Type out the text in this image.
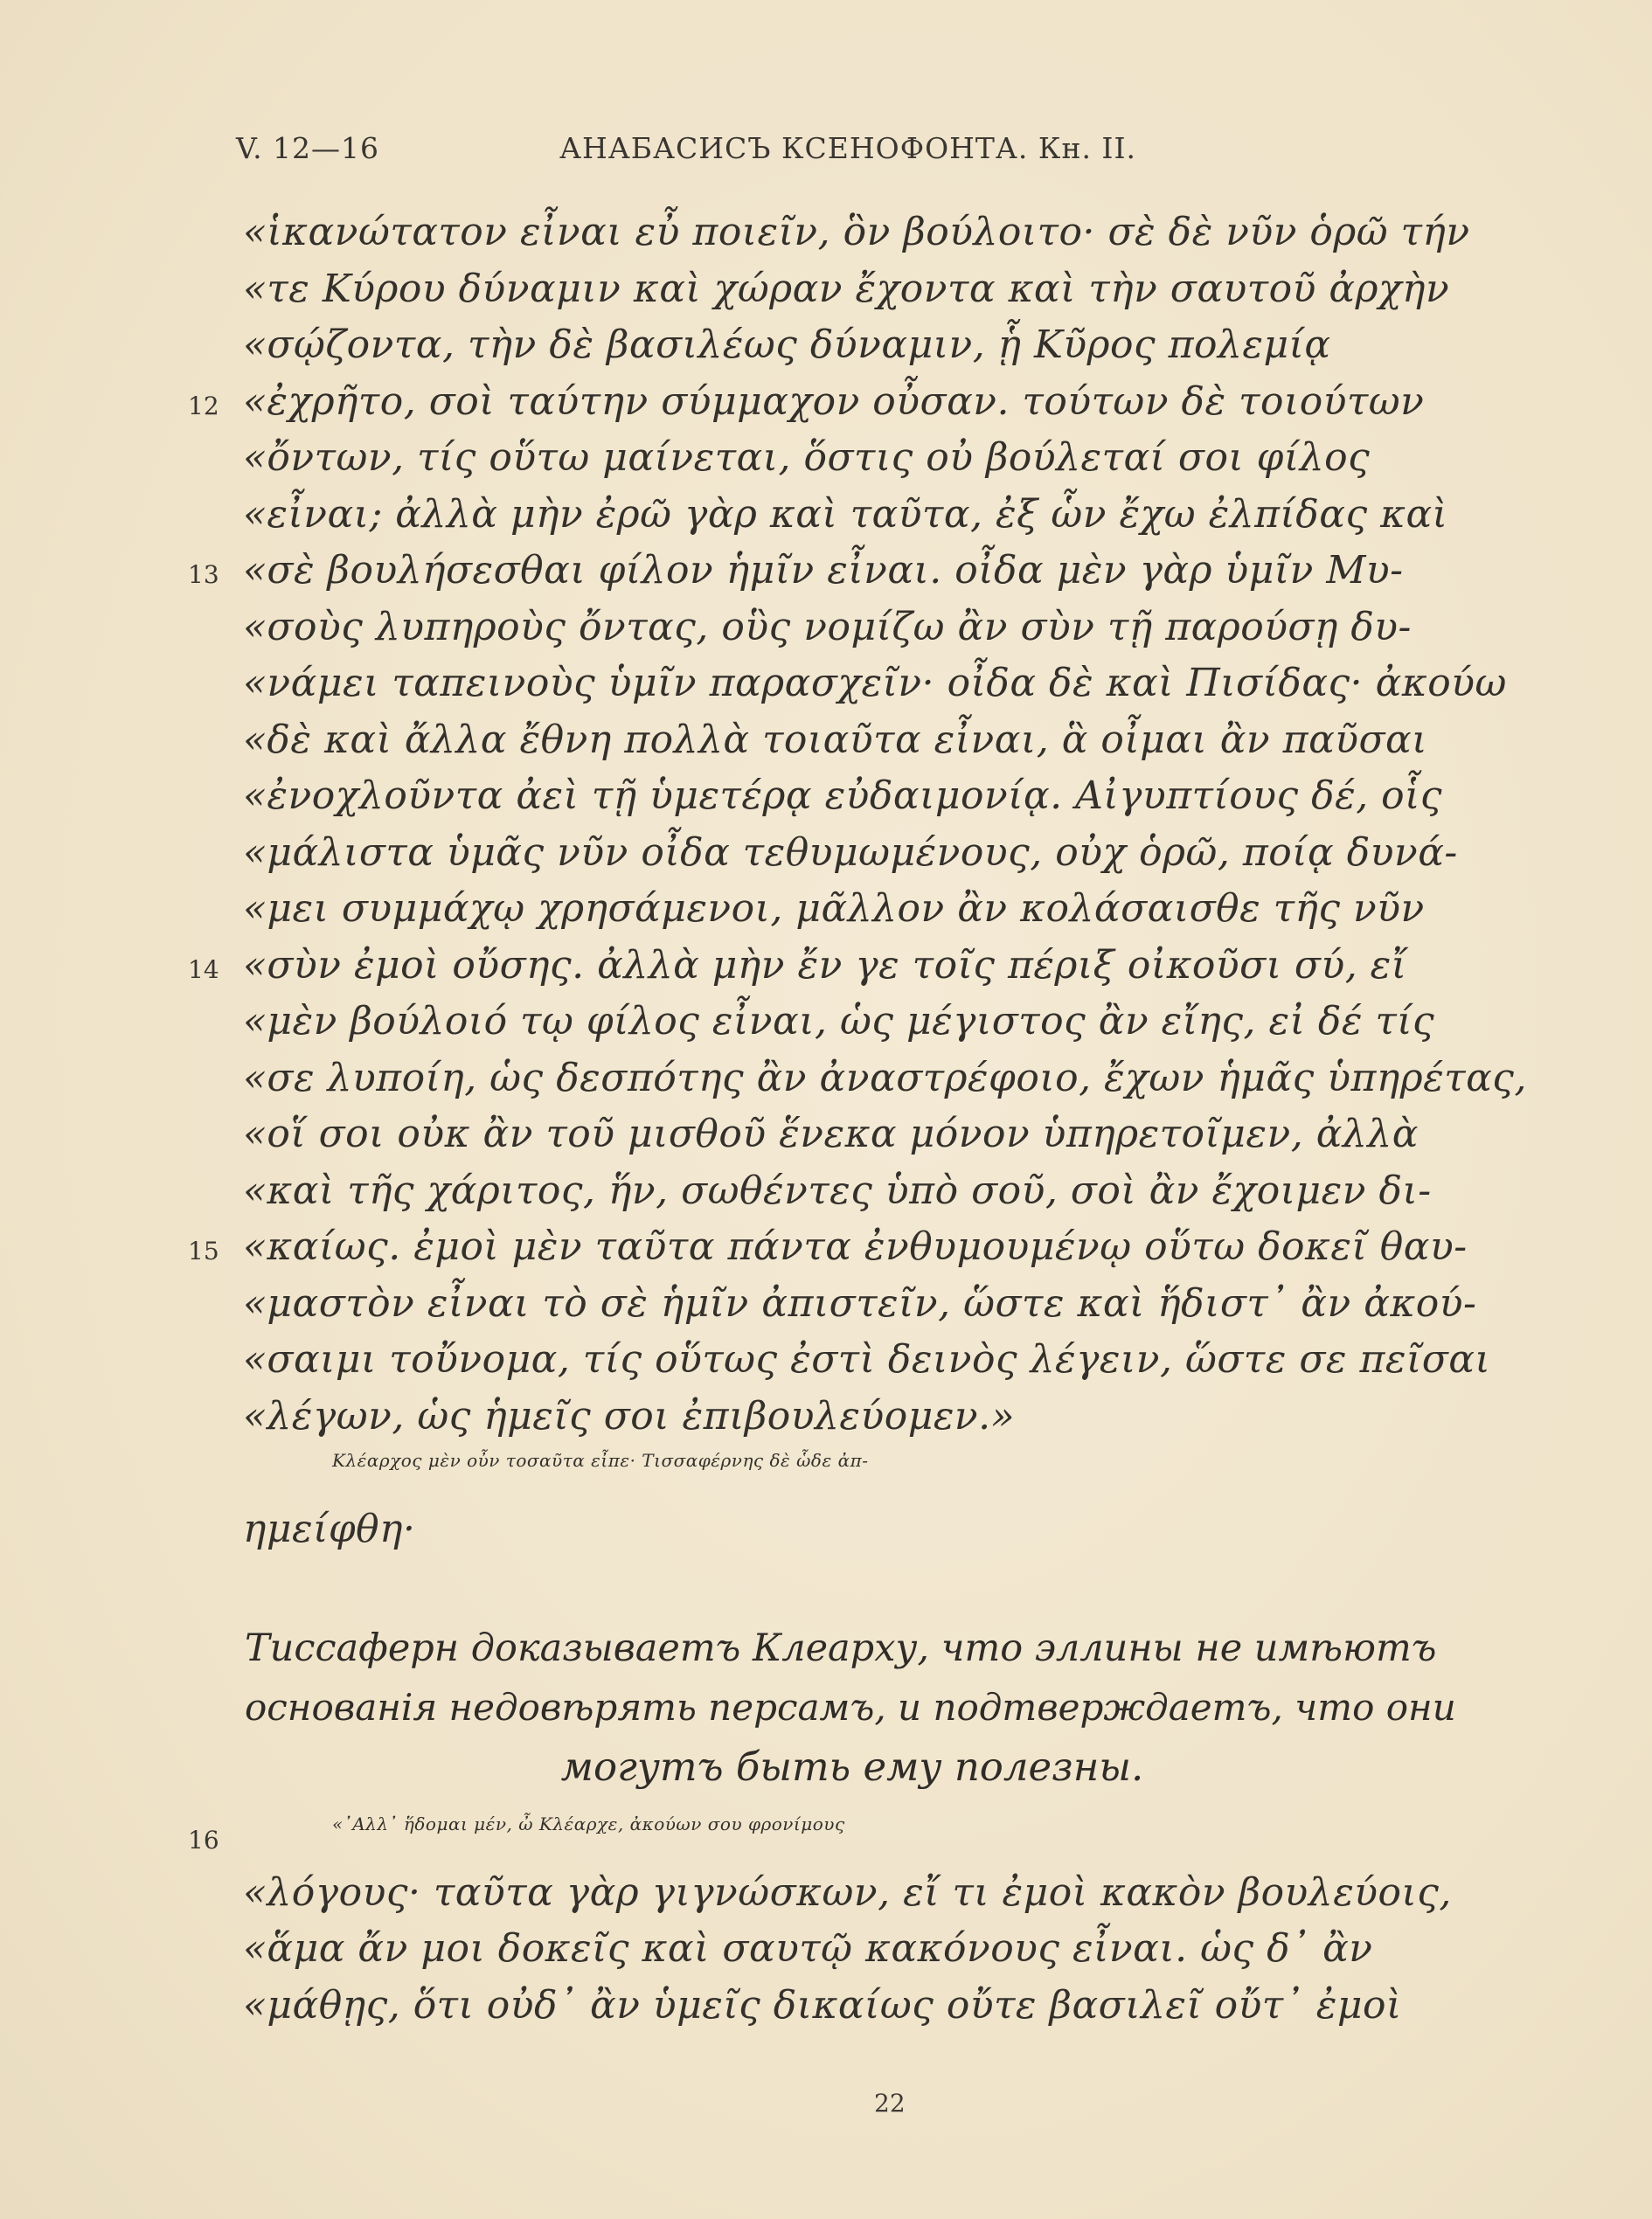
V. 12—16	АНАБАСИСЪ КСЕНОФОНТА. Кн. II.
«ἱκανώτατον εἶναι εὖ ποιεῖν, ὃν βούλοιτο· σὲ δὲ νῦν ὁρῶ τήν
«τε Κύρου δύναμιν καὶ χώραν ἔχοντα καὶ τὴν σαυτοῦ ἀρχὴν
«σῴζοντα, τὴν δὲ βασιλέως δύναμιν, ᾗ Κῦρος πολεμίᾳ
12 «ἐχρῆτο, σοὶ ταύτην σύμμαχον οὖσαν. τούτων δὲ τοιούτων
«ὄντων, τίς οὕτω μαίνεται, ὅστις οὐ βούλεταί σοι φίλος
«εἶναι; ἀλλὰ μὴν ἐρῶ γὰρ καὶ ταῦτα, ἐξ ὧν ἔχω ἐλπίδας καὶ
13 «σὲ βουλήσεσθαι φίλον ἡμῖν εἶναι. οἶδα μὲν γὰρ ὑμῖν Μυ-
«σοὺς λυπηροὺς ὄντας, οὓς νομίζω ἂν σὺν τῇ παρούσῃ δυ-
«νάμει ταπεινοὺς ὑμῖν παρασχεῖν· οἶδα δὲ καὶ Πισίδας· ἀκούω
«δὲ καὶ ἄλλα ἔθνη πολλὰ τοιαῦτα εἶναι, ἃ οἶμαι ἂν παῦσαι
«ἐνοχλοῦντα ἀεὶ τῇ ὑμετέρᾳ εὐδαιμονίᾳ. Αἰγυπτίους δέ, οἷς
«μάλιστα ὑμᾶς νῦν οἶδα τεθυμωμένους, οὐχ ὁρῶ, ποίᾳ δυνά-
«μει συμμάχῳ χρησάμενοι, μᾶλλον ἂν κολάσαισθε τῆς νῦν
14 «σὺν ἐμοὶ οὔσης. ἀλλὰ μὴν ἔν γε τοῖς πέριξ οἰκοῦσι σύ, εἴ
«μὲν βούλοιό τῳ φίλος εἶναι, ὡς μέγιστος ἂν εἴης, εἰ δέ τίς
«σε λυποίη, ὡς δεσπότης ἂν ἀναστρέφοιο, ἔχων ἡμᾶς ὑπηρέτας,
«οἵ σοι οὐκ ἂν τοῦ μισθοῦ ἕνεκα μόνον ὑπηρετοῖμεν, ἀλλὰ
«καὶ τῆς χάριτος, ἥν, σωθέντες ὑπὸ σοῦ, σοὶ ἂν ἔχοιμεν δι-
15 «καίως. ἐμοὶ μὲν ταῦτα πάντα ἐνθυμουμένῳ οὕτω δοκεῖ θαυ-
«μαστὸν εἶναι τὸ σὲ ἡμῖν ἀπιστεῖν, ὥστε καὶ ἥδιστ᾽ ἂν ἀκού-
«σαιμι τοὔνομα, τίς οὕτως ἐστὶ δεινὸς λέγειν, ὥστε σε πεῖσαι
«λέγων, ὡς ἡμεῖς σοι ἐπιβουλεύομεν.»
Κλέαρχος μὲν οὖν τοσαῦτα εἶπε· Τισσαφέρνης δὲ ὧδε ἀπ-
ημείφθη·
Тиссаферн доказываетъ Клеарху, что эллины не имѣютъ
основанія недовѣрять персамъ, и подтверждаетъ, что они
могутъ быть ему полезны.
16
«᾿Αλλ᾽ ἥδομαι μέν, ὦ Κλέαρχε, ἀκούων σου φρονίμους
«λόγους· ταῦτα γὰρ γιγνώσκων, εἴ τι ἐμοὶ κακὸν βουλεύοις,
«ἅμα ἄν μοι δοκεῖς καὶ σαυτῷ κακόνους εἶναι. ὡς δ᾽ ἂν
«μάθῃς, ὅτι οὐδ᾽ ἂν ὑμεῖς δικαίως οὔτε βασιλεῖ οὔτ᾽ ἐμοὶ
22
